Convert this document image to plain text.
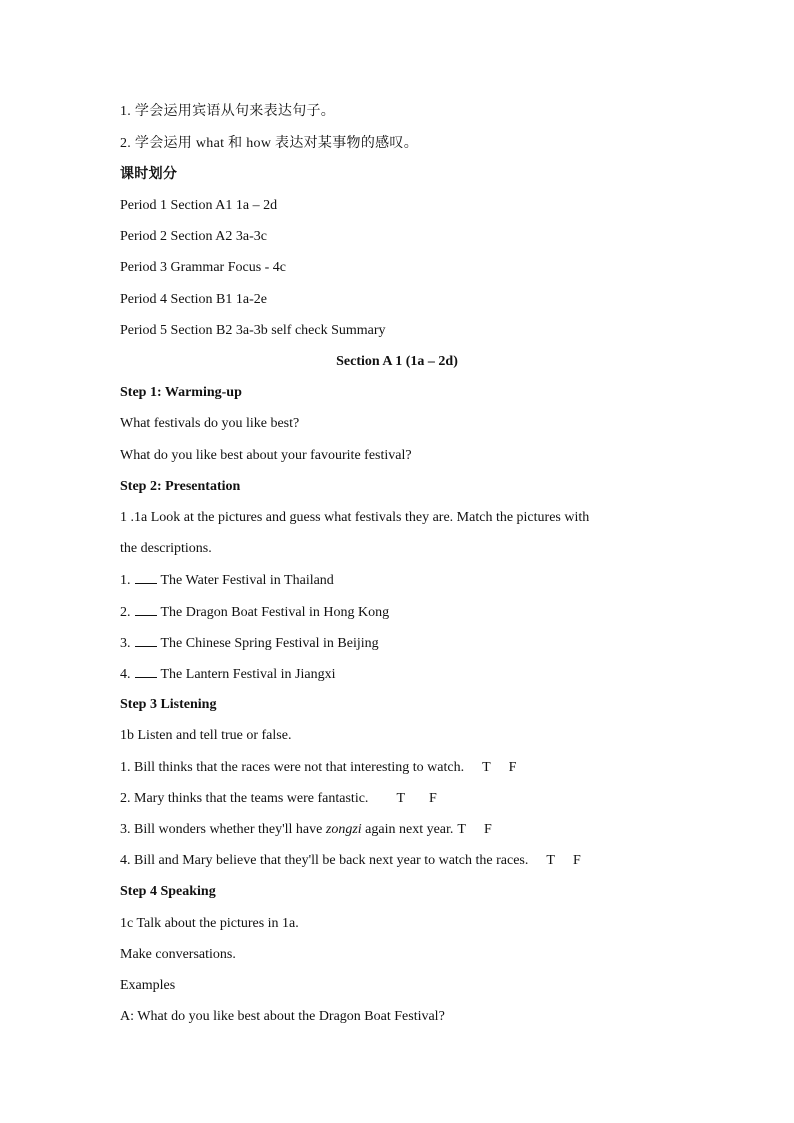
1. 学会运用宾语从句来表达句子。
2. 学会运用 what 和 how 表达对某事物的感叹。
课时划分
Period 1 Section A1 1a – 2d
Period 2 Section A2 3a-3c
Period 3 Grammar Focus - 4c
Period 4 Section B1 1a-2e
Period 5 Section B2 3a-3b self check Summary
Section A 1 (1a – 2d)
Step 1: Warming-up
What festivals do you like best?
What do you like best about your favourite festival?
Step 2: Presentation
1 .1a Look at the pictures and guess what festivals they are. Match the pictures with
the descriptions.
1. The Water Festival in Thailand
2. The Dragon Boat Festival in Hong Kong
3. The Chinese Spring Festival in Beijing
4. The Lantern Festival in Jiangxi
Step 3 Listening
1b Listen and tell true or false.
1. Bill thinks that the races were not that interesting to watch. T F
2. Mary thinks that the teams were fantastic. T F
3. Bill wonders whether they'll have zongzi again next year. T F
4. Bill and Mary believe that they'll be back next year to watch the races. T F
Step 4 Speaking
1c Talk about the pictures in 1a.
Make conversations.
Examples
A: What do you like best about the Dragon Boat Festival?
